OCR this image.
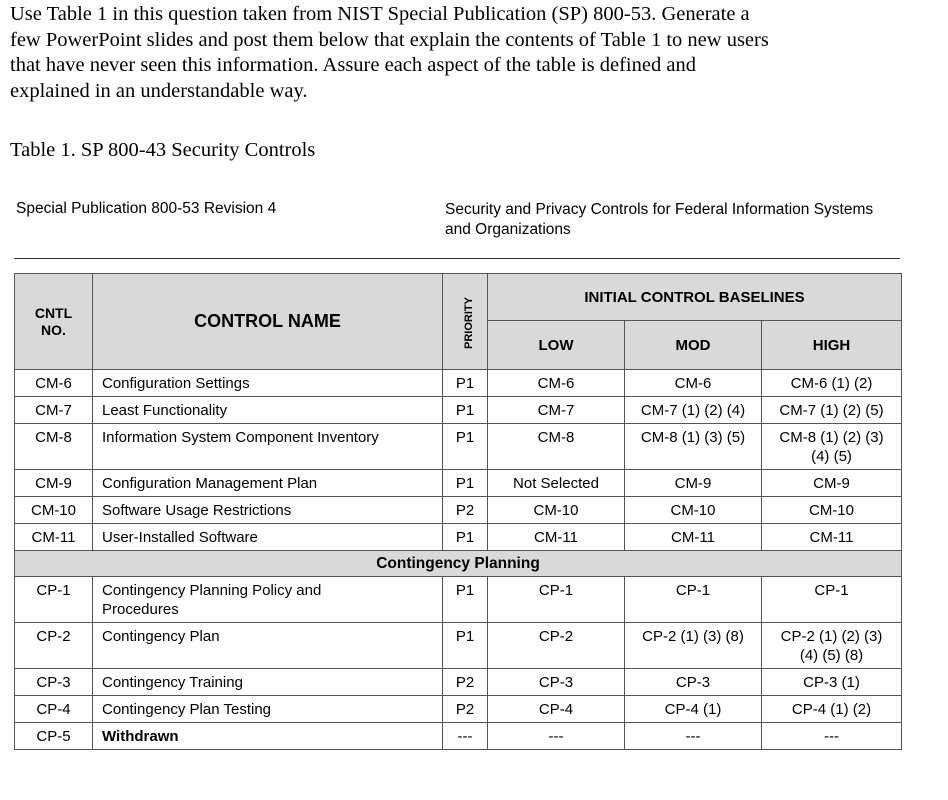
Use Table 1 in this question taken from NIST Special Publication (SP) 800-53. Generate a

few PowerPoint slides and post them below that explain the contents of Table 1 to new users

that have never seen this information. Assure each aspect of the table is defined and

explained in an understandable way.

Table 1. SP 800-43 Security Controls
Special Publication 800-53 Revision 4	Security and Privacy Controls for Federal Information Systems
and Organizations
CNTL
NO.	CONTROL NAME	PRIORITY	INITIAL CONTROL BASELINES		
			LOW	MOD	HIGH
CM-6	Configuration Settings	P1	CM-6	CM-6	CM-6 (1) (2)
CM-7	Least Functionality	P1	CM-7	CM-7 (1) (2) (4)	CM-7 (1) (2) (5)
CM-8	Information System Component Inventory	P1	CM-8	CM-8 (1) (3) (5)	CM-8 (1) (2) (3)
(4) (5)

CM-9	Configuration Management Plan	P1	Not Selected	CM-9	CM-9
CM-10	Software Usage Restrictions	P2	CM-10	CM-10	CM-10
CM-11	User-Installed Software	P1	CM-11	CM-11	CM-11
Contingency Planning					
CP-1	Contingency Planning Policy and
Procedures	P1	CP-1	CP-1	CP-1
CP-2	Contingency Plan	P1	CP-2	CP-2 (1) (3) (8)	CP-2 (1) (2) (3)
(4) (5) (8)

CP-3	Contingency Training	P2	CP-3	CP-3	CP-3 (1)
CP-4	Contingency Plan Testing	P2	CP-4	CP-4 (1)	CP-4 (1) (2)
CP-5	Withdrawn	---	---	---	---
